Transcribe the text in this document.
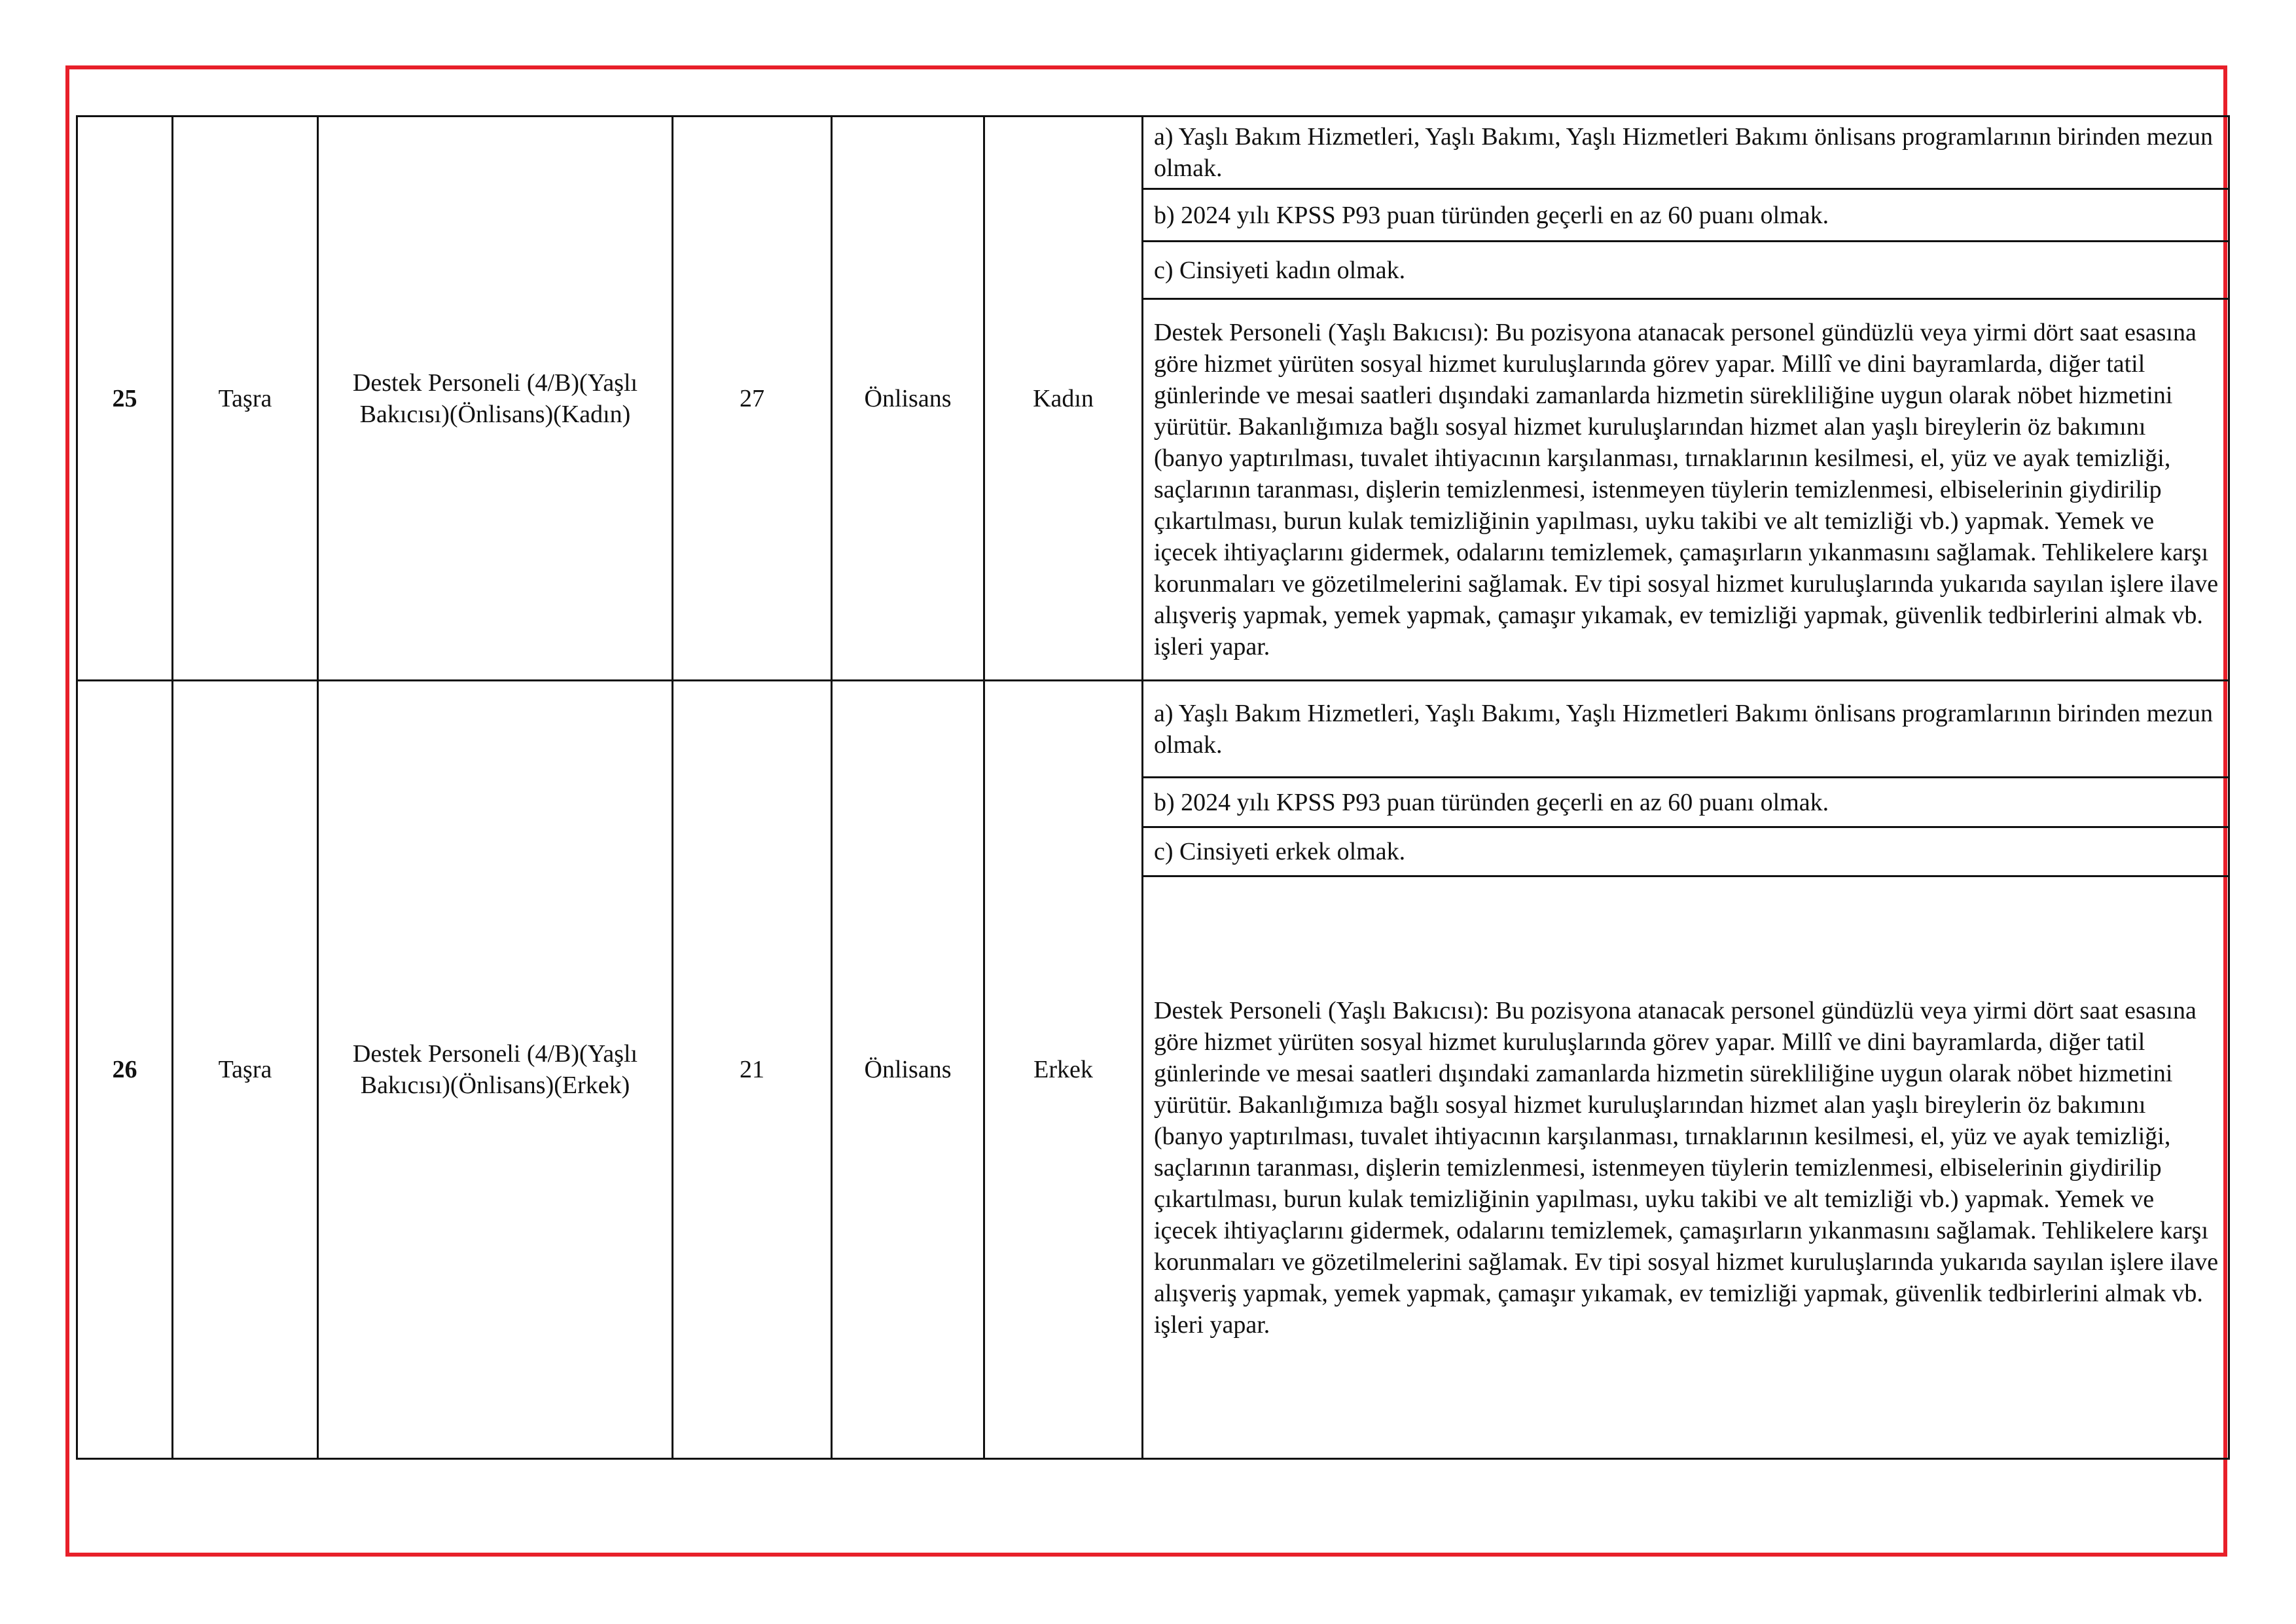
25	Taşra	Destek Personeli (4/B)(Yaşlı Bakıcısı)(Önlisans)(Kadın)	27	Önlisans	Kadın	a) Yaşlı Bakım Hizmetleri, Yaşlı Bakımı, Yaşlı Hizmetleri Bakımı önlisans programlarının birinden mezun olmak.
						b) 2024 yılı KPSS P93 puan türünden geçerli en az 60 puanı olmak.
						c) Cinsiyeti kadın olmak.
						Destek Personeli (Yaşlı Bakıcısı): Bu pozisyona atanacak personel gündüzlü veya yirmi dört saat esasına göre hizmet yürüten sosyal hizmet kuruluşlarında görev yapar. Millî ve dini bayramlarda, diğer tatil günlerinde ve mesai saatleri dışındaki zamanlarda hizmetin sürekliliğine uygun olarak nöbet hizmetini yürütür. Bakanlığımıza bağlı sosyal hizmet kuruluşlarından hizmet alan yaşlı bireylerin öz bakımını (banyo yaptırılması, tuvalet ihtiyacının karşılanması, tırnaklarının kesilmesi, el, yüz ve ayak temizliği, saçlarının taranması, dişlerin temizlenmesi, istenmeyen tüylerin temizlenmesi, elbiselerinin giydirilip çıkartılması, burun kulak temizliğinin yapılması, uyku takibi ve alt temizliği vb.) yapmak. Yemek ve içecek ihtiyaçlarını gidermek, odalarını temizlemek, çamaşırların yıkanmasını sağlamak. Tehlikelere karşı korunmaları ve gözetilmelerini sağlamak. Ev tipi sosyal hizmet kuruluşlarında yukarıda sayılan işlere ilave alışveriş yapmak, yemek yapmak, çamaşır yıkamak, ev temizliği yapmak, güvenlik tedbirlerini almak vb. işleri yapar.
26	Taşra	Destek Personeli (4/B)(Yaşlı Bakıcısı)(Önlisans)(Erkek)	21	Önlisans	Erkek	a) Yaşlı Bakım Hizmetleri, Yaşlı Bakımı, Yaşlı Hizmetleri Bakımı önlisans programlarının birinden mezun olmak.
						b) 2024 yılı KPSS P93 puan türünden geçerli en az 60 puanı olmak.
						c) Cinsiyeti erkek olmak.
						Destek Personeli (Yaşlı Bakıcısı): Bu pozisyona atanacak personel gündüzlü veya yirmi dört saat esasına göre hizmet yürüten sosyal hizmet kuruluşlarında görev yapar. Millî ve dini bayramlarda, diğer tatil günlerinde ve mesai saatleri dışındaki zamanlarda hizmetin sürekliliğine uygun olarak nöbet hizmetini yürütür. Bakanlığımıza bağlı sosyal hizmet kuruluşlarından hizmet alan yaşlı bireylerin öz bakımını (banyo yaptırılması, tuvalet ihtiyacının karşılanması, tırnaklarının kesilmesi, el, yüz ve ayak temizliği, saçlarının taranması, dişlerin temizlenmesi, istenmeyen tüylerin temizlenmesi, elbiselerinin giydirilip çıkartılması, burun kulak temizliğinin yapılması, uyku takibi ve alt temizliği vb.) yapmak. Yemek ve içecek ihtiyaçlarını gidermek, odalarını temizlemek, çamaşırların yıkanmasını sağlamak. Tehlikelere karşı korunmaları ve gözetilmelerini sağlamak. Ev tipi sosyal hizmet kuruluşlarında yukarıda sayılan işlere ilave alışveriş yapmak, yemek yapmak, çamaşır yıkamak, ev temizliği yapmak, güvenlik tedbirlerini almak vb. işleri yapar.
